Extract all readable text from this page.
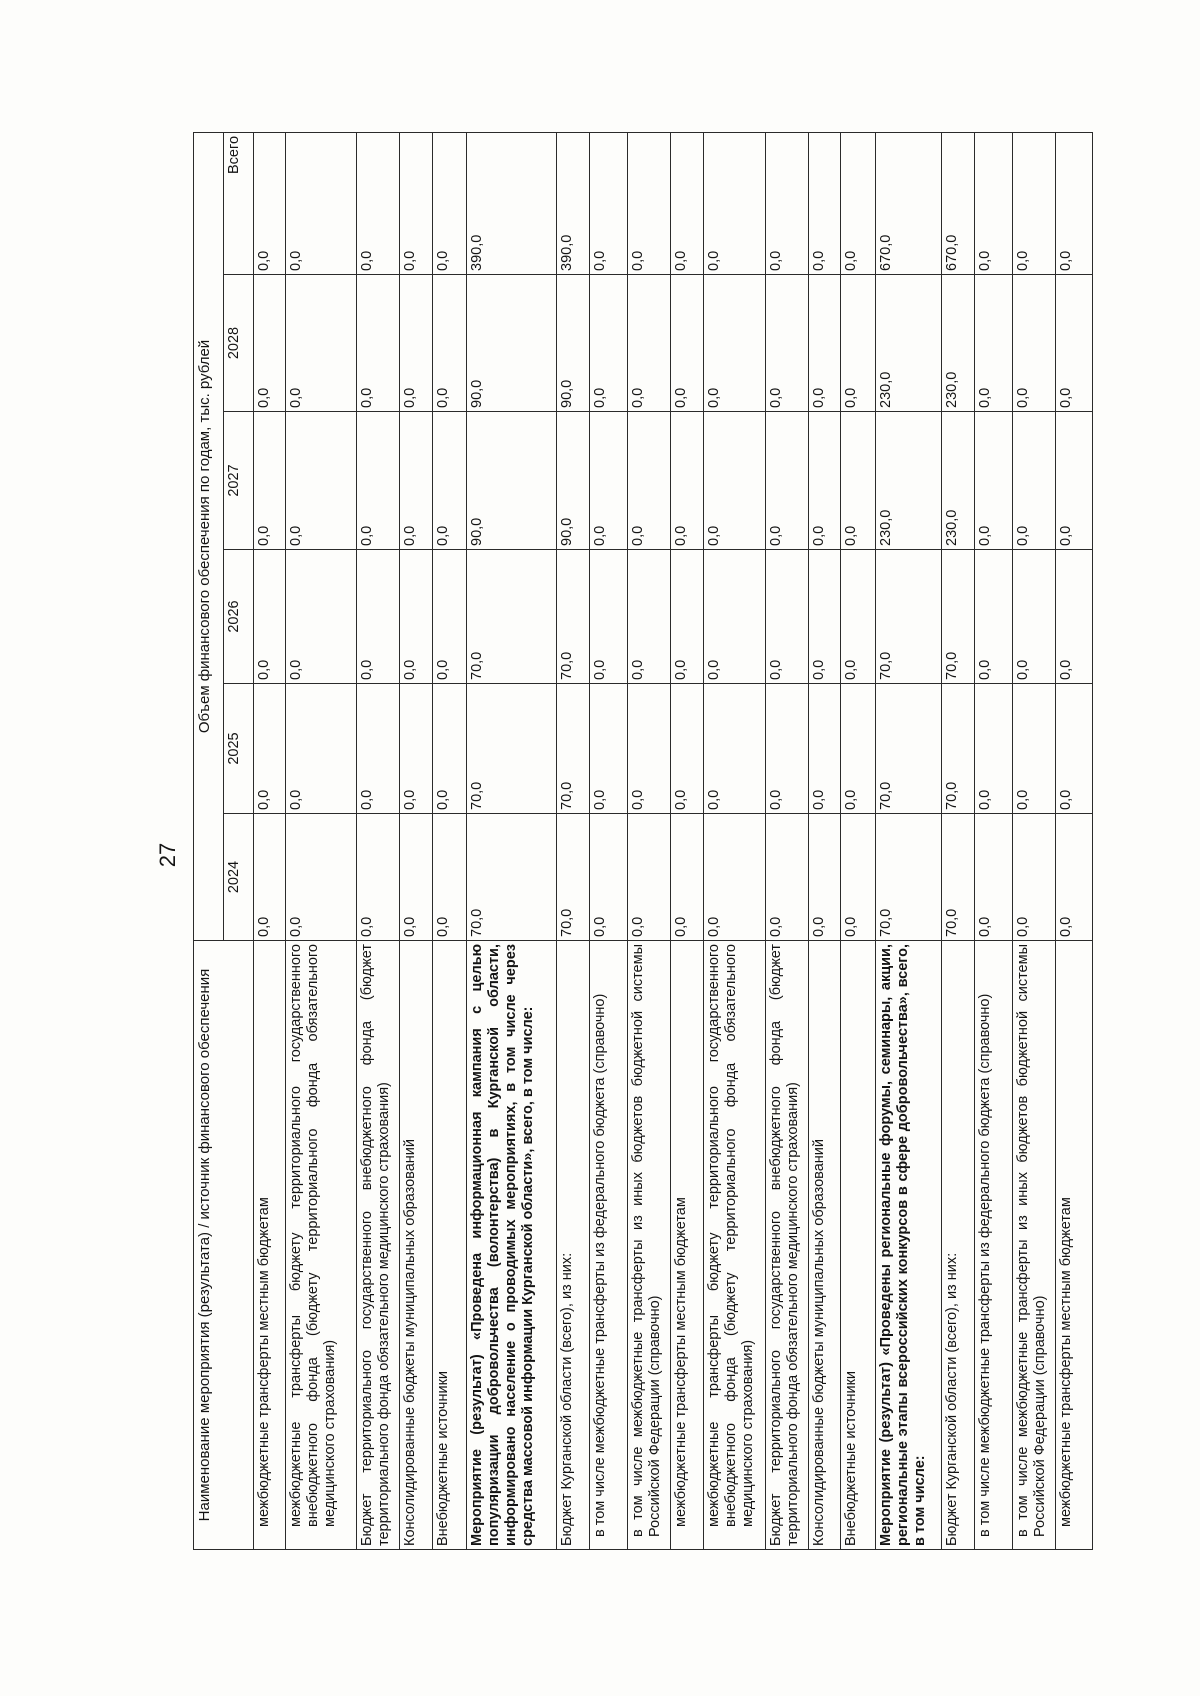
27
Наименование мероприятия (результата) / источник финансового обеспечения	Объем финансового обеспечения по годам, тыс. рублей					
	2024	2025	2026	2027	2028	Всего
межбюджетные трансферты местным бюджетам	0,0	0,0	0,0	0,0	0,0	0,0
межбюджетные трансферты бюджету территориального государственного внебюджетного фонда (бюджету территориального фонда обязательного медицинского страхования)	0,0	0,0	0,0	0,0	0,0	0,0
Бюджет территориального государственного внебюджетного фонда (бюджет территориального фонда обязательного медицинского страхования)	0,0	0,0	0,0	0,0	0,0	0,0
Консолидированные бюджеты муниципальных образований	0,0	0,0	0,0	0,0	0,0	0,0
Внебюджетные источники	0,0	0,0	0,0	0,0	0,0	0,0
Мероприятие (результат) «Проведена информационная кампания с целью популяризации добровольчества (волонтерства) в Курганской области, информировано население о проводимых мероприятиях, в том числе через средства массовой информации Курганской области», всего, в том числе:	70,0	70,0	70,0	90,0	90,0	390,0
Бюджет Курганской области (всего), из них:	70,0	70,0	70,0	90,0	90,0	390,0
в том числе межбюджетные трансферты из федерального бюджета (справочно)	0,0	0,0	0,0	0,0	0,0	0,0
в том числе межбюджетные трансферты из иных бюджетов бюджетной системы Российской Федерации (справочно)	0,0	0,0	0,0	0,0	0,0	0,0
межбюджетные трансферты местным бюджетам	0,0	0,0	0,0	0,0	0,0	0,0
межбюджетные трансферты бюджету территориального государственного внебюджетного фонда (бюджету территориального фонда обязательного медицинского страхования)	0,0	0,0	0,0	0,0	0,0	0,0
Бюджет территориального государственного внебюджетного фонда (бюджет территориального фонда обязательного медицинского страхования)	0,0	0,0	0,0	0,0	0,0	0,0
Консолидированные бюджеты муниципальных образований	0,0	0,0	0,0	0,0	0,0	0,0
Внебюджетные источники	0,0	0,0	0,0	0,0	0,0	0,0
Мероприятие (результат) «Проведены региональные форумы, семинары, акции, региональные этапы всероссийских конкурсов в сфере добровольчества», всего, в том числе:	70,0	70,0	70,0	230,0	230,0	670,0
Бюджет Курганской области (всего), из них:	70,0	70,0	70,0	230,0	230,0	670,0
в том числе межбюджетные трансферты из федерального бюджета (справочно)	0,0	0,0	0,0	0,0	0,0	0,0
в том числе межбюджетные трансферты из иных бюджетов бюджетной системы Российской Федерации (справочно)	0,0	0,0	0,0	0,0	0,0	0,0
межбюджетные трансферты местным бюджетам	0,0	0,0	0,0	0,0	0,0	0,0
